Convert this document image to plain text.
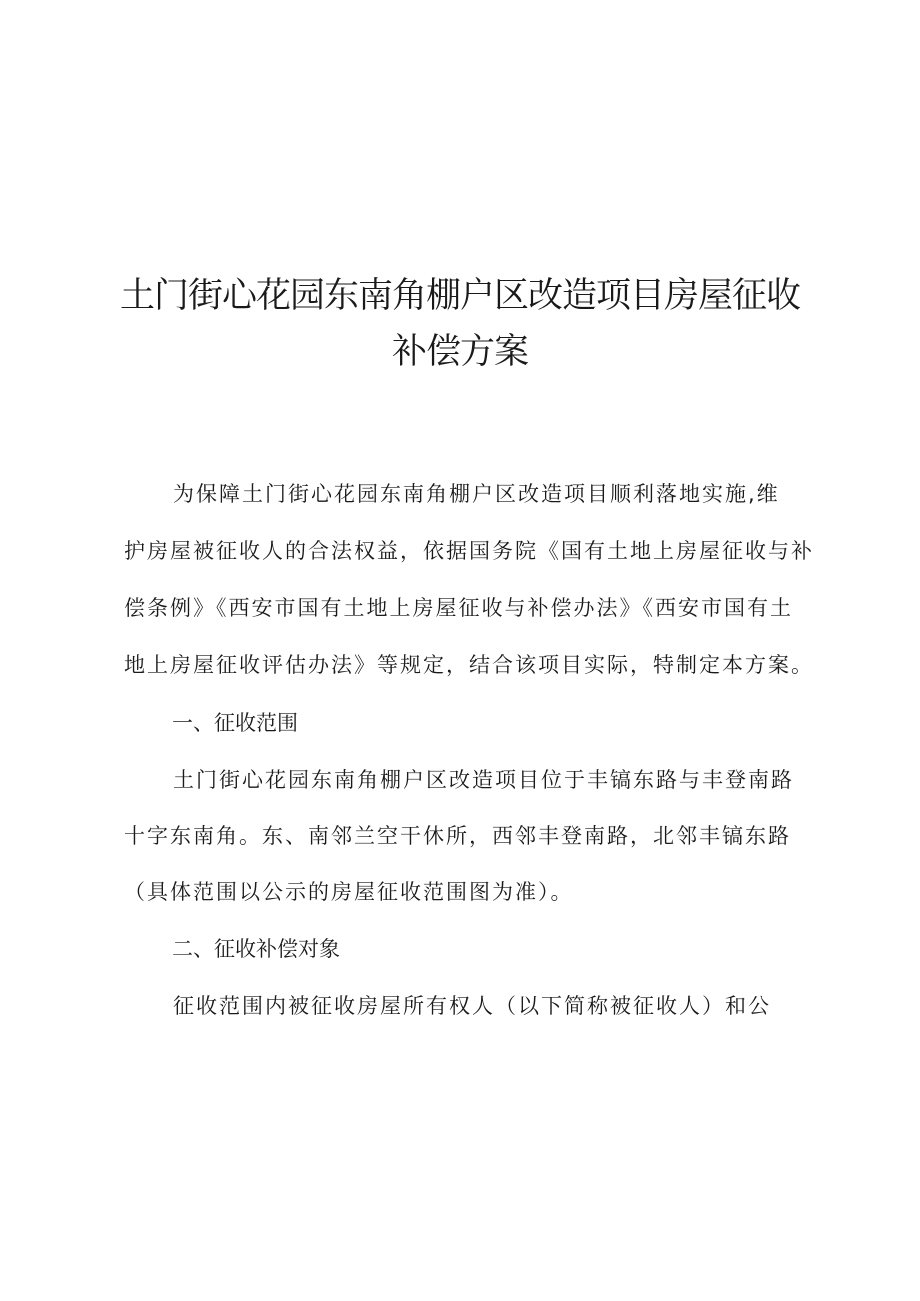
土门街心花园东南角棚户区改造项目房屋征收
补偿方案

为保障土门街心花园东南角棚户区改造项目顺利落地实施,维

护房屋被征收人的合法权益，依据国务院《国有土地上房屋征收与补

偿条例》《西安市国有土地上房屋征收与补偿办法》《西安市国有土

地上房屋征收评估办法》等规定，结合该项目实际，特制定本方案。

一、征收范围

土门街心花园东南角棚户区改造项目位于丰镐东路与丰登南路

十字东南角。东、南邻兰空干休所，西邻丰登南路，北邻丰镐东路

（具体范围以公示的房屋征收范围图为准）。

二、征收补偿对象

征收范围内被征收房屋所有权人（以下简称被征收人）和公
